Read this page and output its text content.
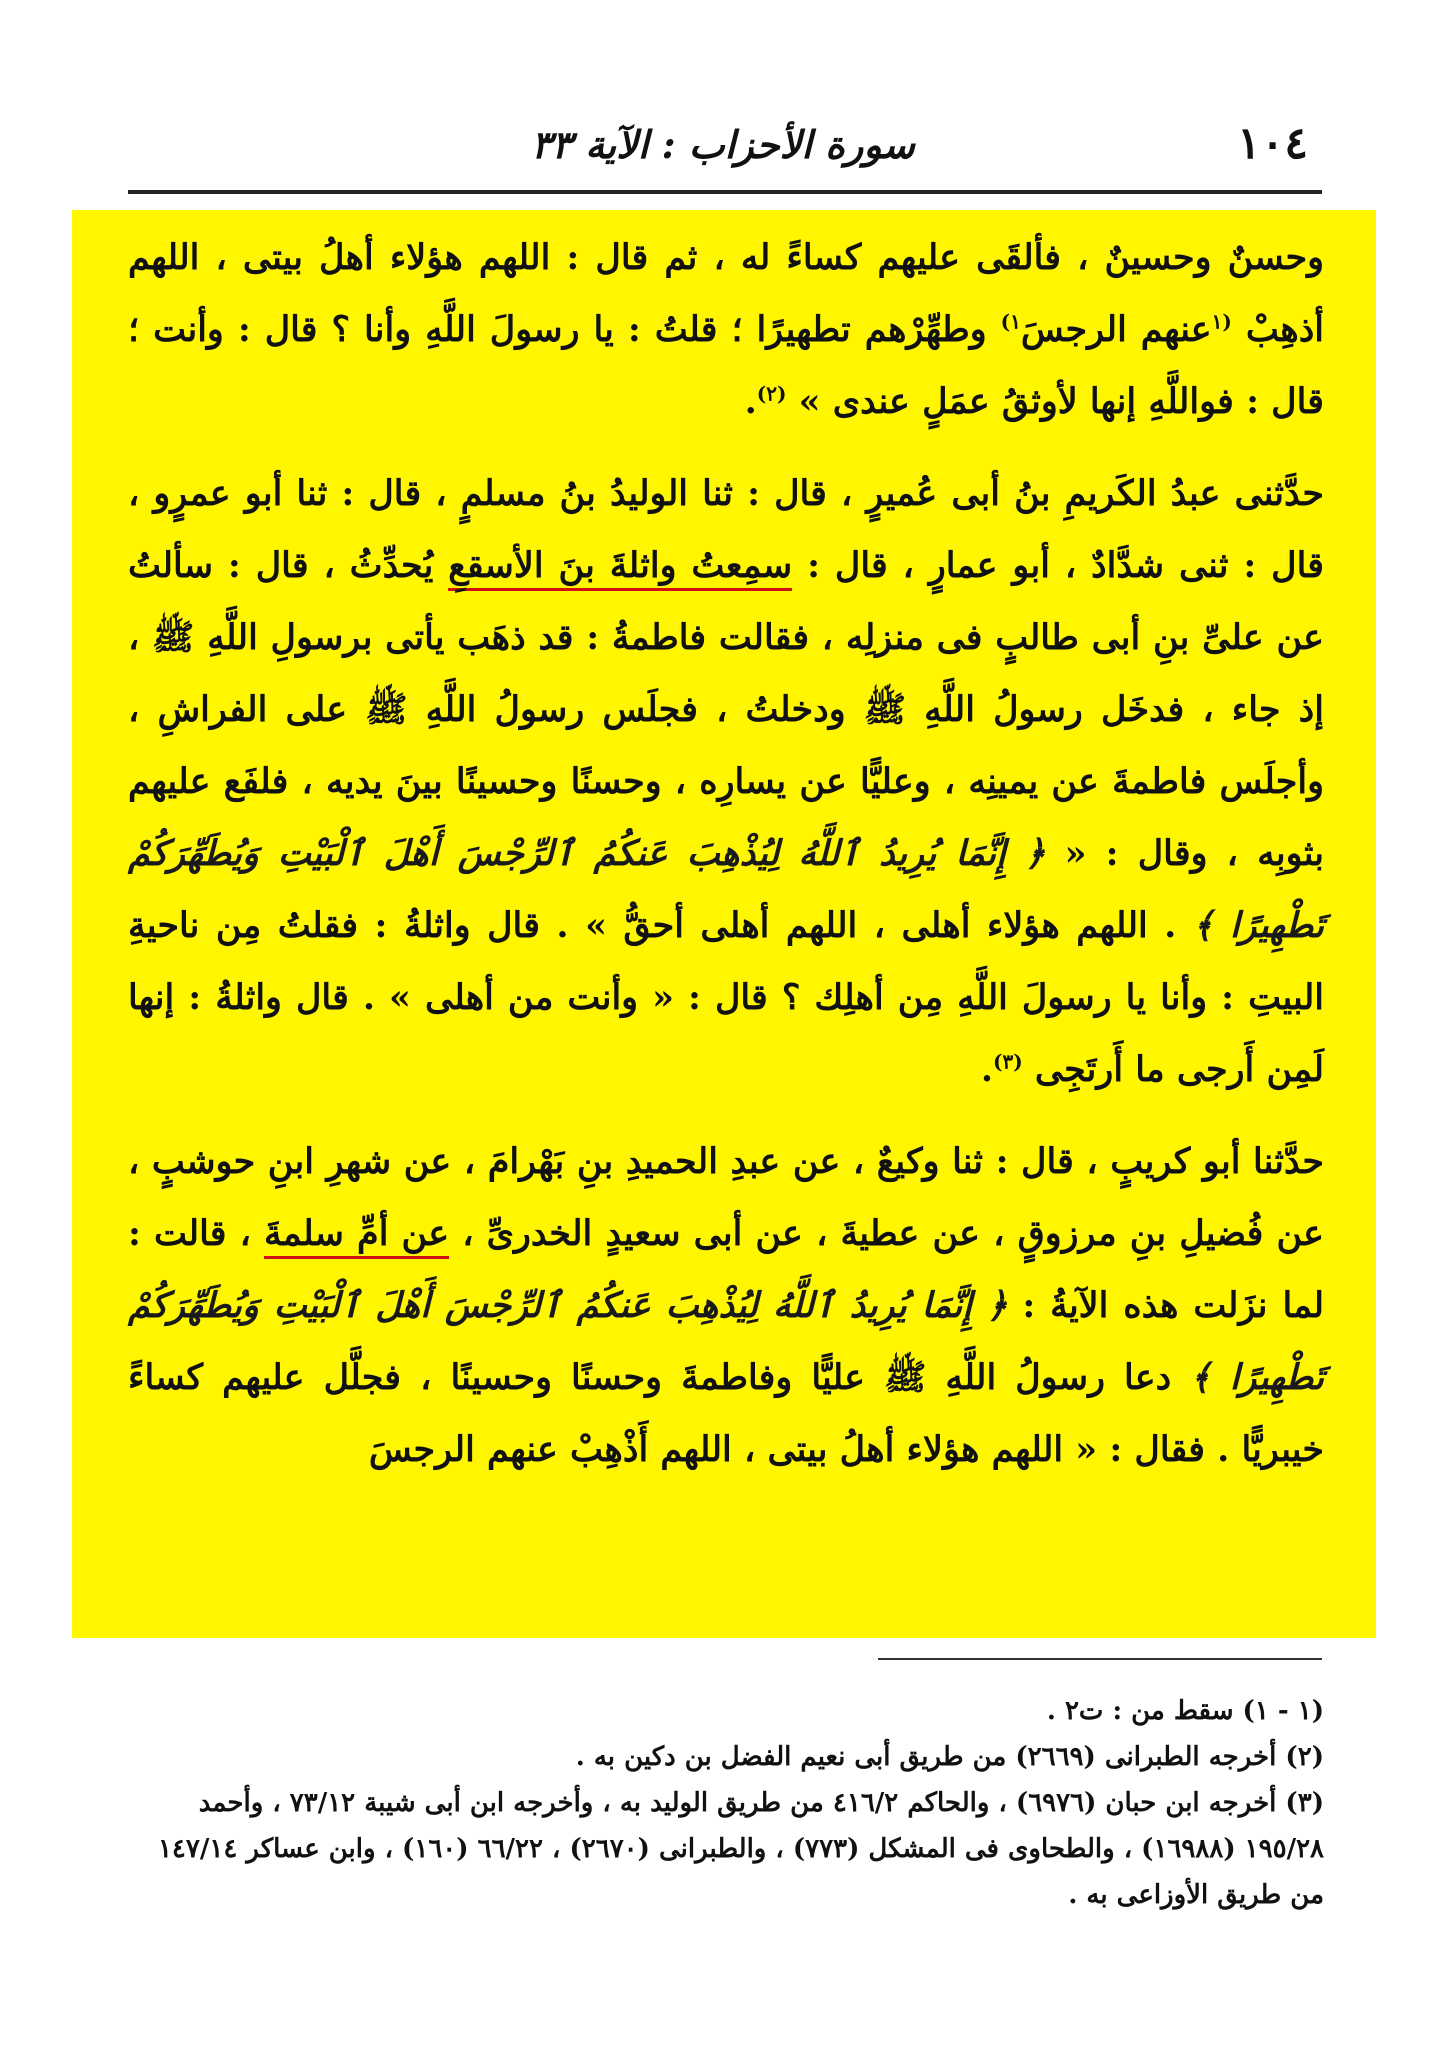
١٠٤
سورة الأحزاب : الآية ٣٣

وحسنٌ وحسينٌ ، فألقَى عليهم كساءً له ، ثم قال : اللهم هؤلاء أهلُ بيتى ، اللهم أذهِبْ $^{(١}$عنهم الرجسَ$^{١)}$ وطهِّرْهم تطهيرًا ؛ قلتُ : يا رسولَ اللَّهِ وأنا ؟ قال : وأنت ؛ قال : فواللَّهِ إنها لأوثقُ عمَلٍ عندى » $^{(٢)}$.

حدَّثنى عبدُ الكَريمِ بنُ أبى عُميرٍ ، قال : ثنا الوليدُ بنُ مسلمٍ ، قال : ثنا أبو عمرٍو ، قال : ثنى شدَّادٌ ، أبو عمارٍ ، قال : سمِعتُ واثلةَ بنَ الأسقعِ يُحدِّثُ ، قال : سألتُ عن علىِّ بنِ أبى طالبٍ فى منزلِه ، فقالت فاطمةُ : قد ذهَب يأتى برسولِ اللَّهِ ﷺ ، إذ جاء ، فدخَل رسولُ اللَّهِ ﷺ ودخلتُ ، فجلَس رسولُ اللَّهِ ﷺ على الفراشِ ، وأجلَس فاطمةَ عن يمينِه ، وعليًّا عن يسارِه ، وحسنًا وحسينًا بينَ يديه ، فلفَع عليهم بثوبِه ، وقال : « ﴿ إِنَّمَا يُرِيدُ ٱللَّهُ لِيُذْهِبَ عَنكُمُ ٱلرِّجْسَ أَهْلَ ٱلْبَيْتِ وَيُطَهِّرَكُمْ تَطْهِيرًا ﴾ . اللهم هؤلاء أهلى ، اللهم أهلى أحقُّ » . قال واثلةُ : فقلتُ مِن ناحيةِ البيتِ : وأنا يا رسولَ اللَّهِ مِن أهلِك ؟ قال : « وأنت من أهلى » . قال واثلةُ : إنها لَمِن أَرجى ما أَرتَجِى $^{(٣)}$.

حدَّثنا أبو كريبٍ ، قال : ثنا وكيعٌ ، عن عبدِ الحميدِ بنِ بَهْرامَ ، عن شهرِ ابنِ حوشبٍ ، عن فُضيلِ بنِ مرزوقٍ ، عن عطيةَ ، عن أبى سعيدٍ الخدرىِّ ، عن أمِّ سلمةَ ، قالت : لما نزَلت هذه الآيةُ : ﴿ إِنَّمَا يُرِيدُ ٱللَّهُ لِيُذْهِبَ عَنكُمُ ٱلرِّجْسَ أَهْلَ ٱلْبَيْتِ وَيُطَهِّرَكُمْ تَطْهِيرًا ﴾ دعا رسولُ اللَّهِ ﷺ عليًّا وفاطمةَ وحسنًا وحسينًا ، فجلَّل عليهم كساءً خيبريًّا . فقال : « اللهم هؤلاء أهلُ بيتى ، اللهم أَذْهِبْ عنهم الرجسَ

(١ - ١) سقط من : ت٢ .

(٢) أخرجه الطبرانى (٢٦٦٩) من طريق أبى نعيم الفضل بن دكين به .

(٣) أخرجه ابن حبان (٦٩٧٦) ، والحاكم ٤١٦/٢ من طريق الوليد به ، وأخرجه ابن أبى شيبة ٧٣/١٢ ، وأحمد ١٩٥/٢٨ (١٦٩٨٨) ، والطحاوى فى المشكل (٧٧٣) ، والطبرانى (٢٦٧٠) ، ٦٦/٢٢ (١٦٠) ، وابن عساكر ١٤٧/١٤ من طريق الأوزاعى به .
